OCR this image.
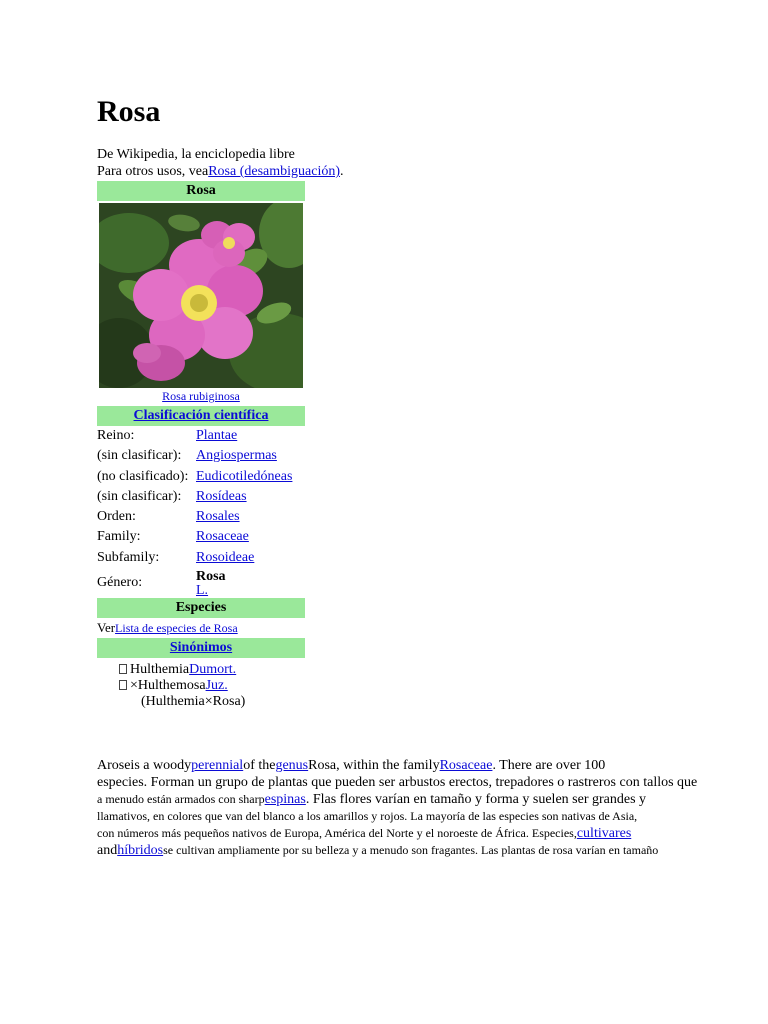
Rosa
De Wikipedia, la enciclopedia libre
Para otros usos, veaRosa (desambiguación).
Rosa
Rosa rubiginosa
Clasificación científica
Reino:	Plantae
(sin clasificar):	Angiospermas
(no clasificado): Eudicotiledóneas
(sin clasificar):	Rosídeas
Orden:	Rosales
Family:	Rosaceae
Subfamily:	Rosoideae
Género:	Rosa
L.
Especies
VerLista de especies de Rosa
Sinónimos
HulthemiaDumort.
×HulthemosaJuz.
(Hulthemia×Rosa)
Aroseis a woodyperennialof thegenusRosa, within the familyRosaceae. There are over 100
especies. Forman un grupo de plantas que pueden ser arbustos erectos, trepadores o rastreros con tallos que
a menudo están armados con sharpespinas. Flas flores varían en tamaño y forma y suelen ser grandes y
llamativos, en colores que van del blanco a los amarillos y rojos. La mayoría de las especies son nativas de Asia,
con números más pequeños nativos de Europa, América del Norte y el noroeste de África. Especies,cultivares
andhíbridosse cultivan ampliamente por su belleza y a menudo son fragantes. Las plantas de rosa varían en tamaño
